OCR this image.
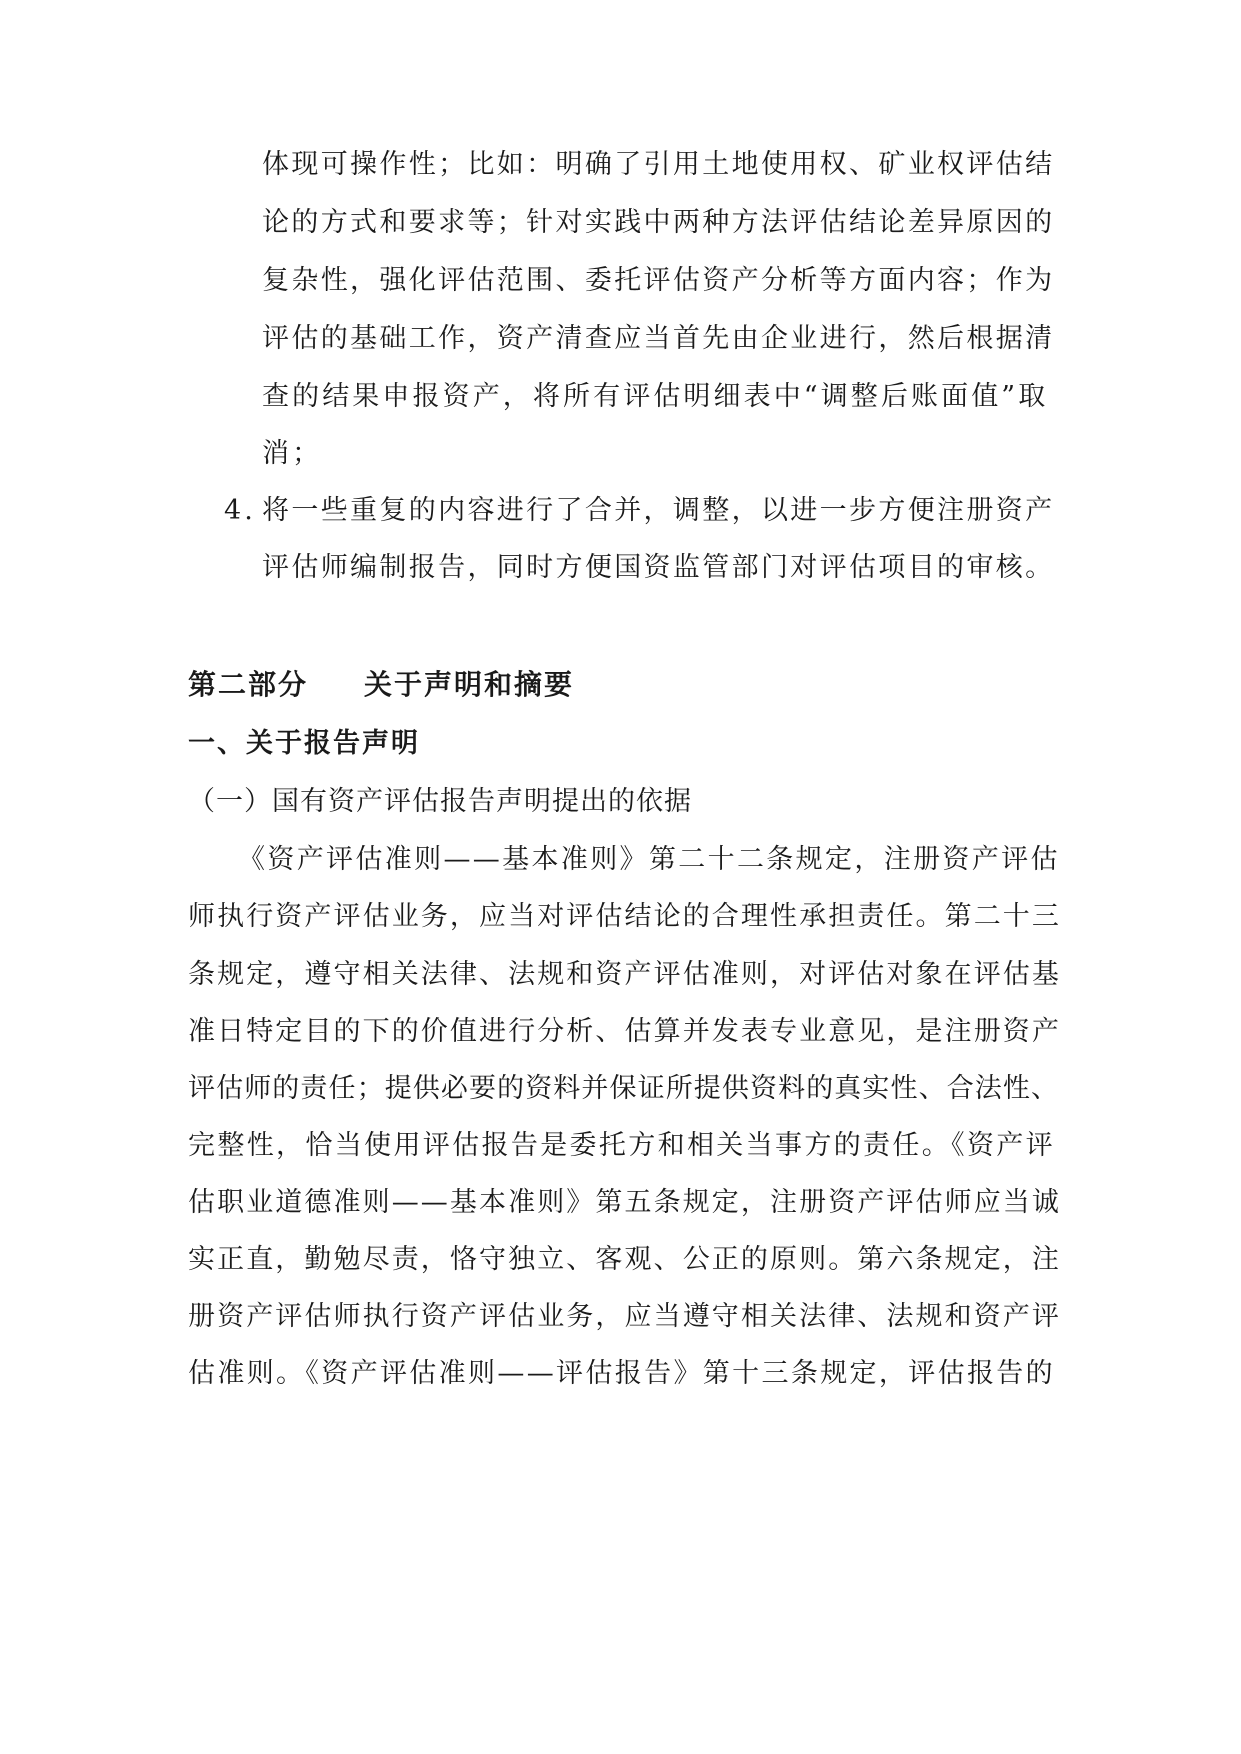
体现可操作性；比如：明确了引用土地使用权、矿业权评估结

论的方式和要求等；针对实践中两种方法评估结论差异原因的

复杂性，强化评估范围、委托评估资产分析等方面内容；作为

评估的基础工作，资产清查应当首先由企业进行，然后根据清

查的结果申报资产，将所有评估明细表中“调整后账面值”取

消；

4. 将一些重复的内容进行了合并，调整，以进一步方便注册资产

评估师编制报告，同时方便国资监管部门对评估项目的审核。

第二部分 关于声明和摘要

一、关于报告声明

（一）国有资产评估报告声明提出的依据

《资产评估准则——基本准则》第二十二条规定，注册资产评估

师执行资产评估业务，应当对评估结论的合理性承担责任。第二十三

条规定，遵守相关法律、法规和资产评估准则，对评估对象在评估基

准日特定目的下的价值进行分析、估算并发表专业意见，是注册资产

评估师的责任；提供必要的资料并保证所提供资料的真实性、合法性、

完整性，恰当使用评估报告是委托方和相关当事方的责任。《资产评

估职业道德准则——基本准则》第五条规定，注册资产评估师应当诚

实正直，勤勉尽责，恪守独立、客观、公正的原则。第六条规定，注

册资产评估师执行资产评估业务，应当遵守相关法律、法规和资产评

估准则。《资产评估准则——评估报告》第十三条规定，评估报告的
